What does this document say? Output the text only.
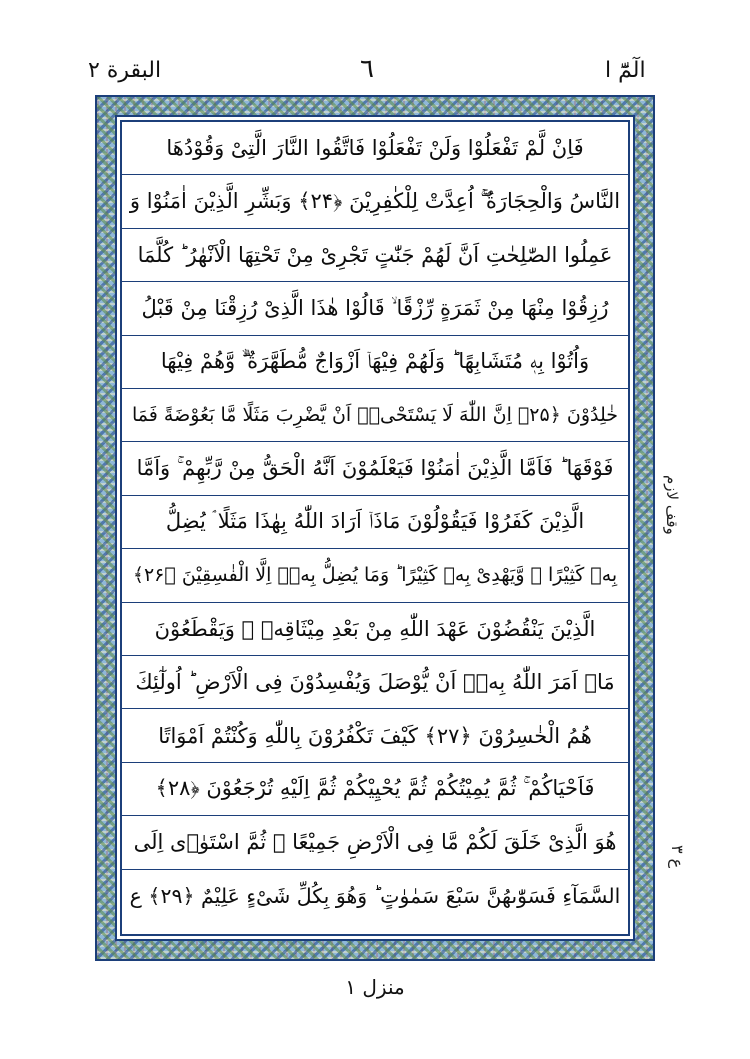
الٓمّٓ ا
٦
البقرة ٢
فَاِنْ لَّمْ تَفْعَلُوْا وَلَنْ تَفْعَلُوْا فَاتَّقُوا النَّارَ الَّتِیْ وَقُوْدُهَا
النَّاسُ وَالْحِجَارَةُ ۖۚ اُعِدَّتْ لِلْكٰفِرِیْنَ ﴿۲۴﴾ وَبَشِّرِ الَّذِیْنَ اٰمَنُوْا وَ
عَمِلُوا الصّٰلِحٰتِ اَنَّ لَهُمْ جَنّٰتٍ تَجْرِیْ مِنْ تَحْتِهَا الْاَنْهٰرُ ؕ كُلَّمَا
رُزِقُوْا مِنْهَا مِنْ ثَمَرَةٍ رِّزْقًا ۙ قَالُوْا هٰذَا الَّذِیْ رُزِقْنَا مِنْ قَبْلُ
وَاُتُوْا بِهٖ مُتَشَابِهًا ؕ وَلَهُمْ فِیْهَاۤ اَزْوَاجٌ مُّطَهَّرَةٌ ۙۗ وَّهُمْ فِیْهَا
خٰلِدُوْنَ ﴿۲۵﴾ اِنَّ اللّٰهَ لَا یَسْتَحْیٖۤ اَنْ یَّضْرِبَ مَثَلًا مَّا بَعُوْضَةً فَمَا
فَوْقَهَا ؕ فَاَمَّا الَّذِیْنَ اٰمَنُوْا فَیَعْلَمُوْنَ اَنَّهُ الْحَقُّ مِنْ رَّبِّهِمْ ۚ وَاَمَّا
الَّذِیْنَ كَفَرُوْا فَیَقُوْلُوْنَ مَاذَاۤ اَرَادَ اللّٰهُ بِهٰذَا مَثَلًا ۘ یُضِلُّ
بِهٖ كَثِیْرًا ۙ وَّیَهْدِیْ بِهٖ كَثِیْرًا ؕ وَمَا یُضِلُّ بِهٖۤ اِلَّا الْفٰسِقِیْنَ ﴿۲۶﴾
الَّذِیْنَ یَنْقُضُوْنَ عَهْدَ اللّٰهِ مِنْ بَعْدِ مِیْثَاقِهٖ ۪ وَیَقْطَعُوْنَ
مَاۤ اَمَرَ اللّٰهُ بِهٖۤ اَنْ یُّوْصَلَ وَیُفْسِدُوْنَ فِی الْاَرْضِ ؕ اُولٰٓئِكَ
هُمُ الْخٰسِرُوْنَ ﴿۲۷﴾ كَیْفَ تَكْفُرُوْنَ بِاللّٰهِ وَكُنْتُمْ اَمْوَاتًا
فَاَحْیَاكُمْ ۚ ثُمَّ یُمِیْتُكُمْ ثُمَّ یُحْیِیْكُمْ ثُمَّ اِلَیْهِ تُرْجَعُوْنَ ﴿۲۸﴾
هُوَ الَّذِیْ خَلَقَ لَكُمْ مَّا فِی الْاَرْضِ جَمِیْعًا ۗ ثُمَّ اسْتَوٰۤى اِلَى
السَّمَآءِ فَسَوّٰىهُنَّ سَبْعَ سَمٰوٰتٍ ؕ وَهُوَ بِكُلِّ شَیْءٍ عَلِیْمٌ ﴿۲۹﴾ ع
وقف لازم
ع ٣
منزل ١
